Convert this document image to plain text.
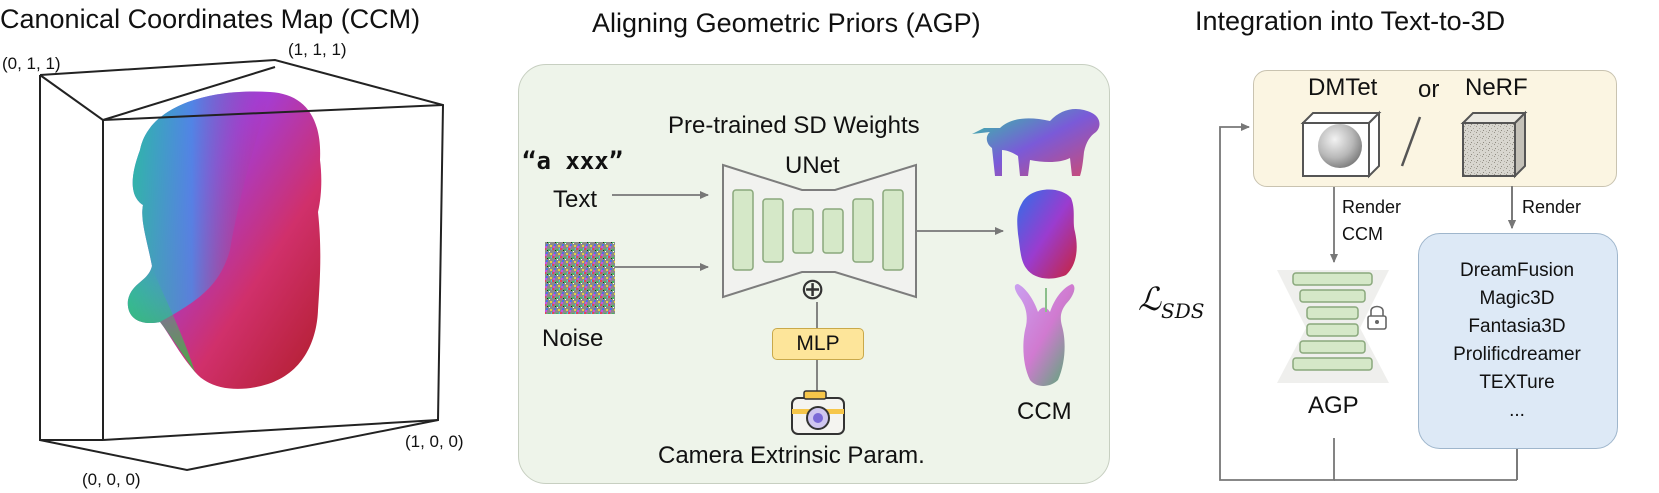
Canonical Coordinates Map (CCM)	Aligning Geometric Priors (AGP)	Integration into Text-to-3D
(0, 1, 1)
(1, 1, 1)
(1, 0, 0)
(0, 0, 0)
Pre-trained SD Weights
UNet
“a xxx”
Text
Noise
⊕
MLP
Camera Extrinsic Param.
CCM
DMTet or NeRF
Render
CCM
Render
AGP
ℒSDS
DreamFusion
Magic3D
Fantasia3D
Prolificdreamer
TEXTure
...
